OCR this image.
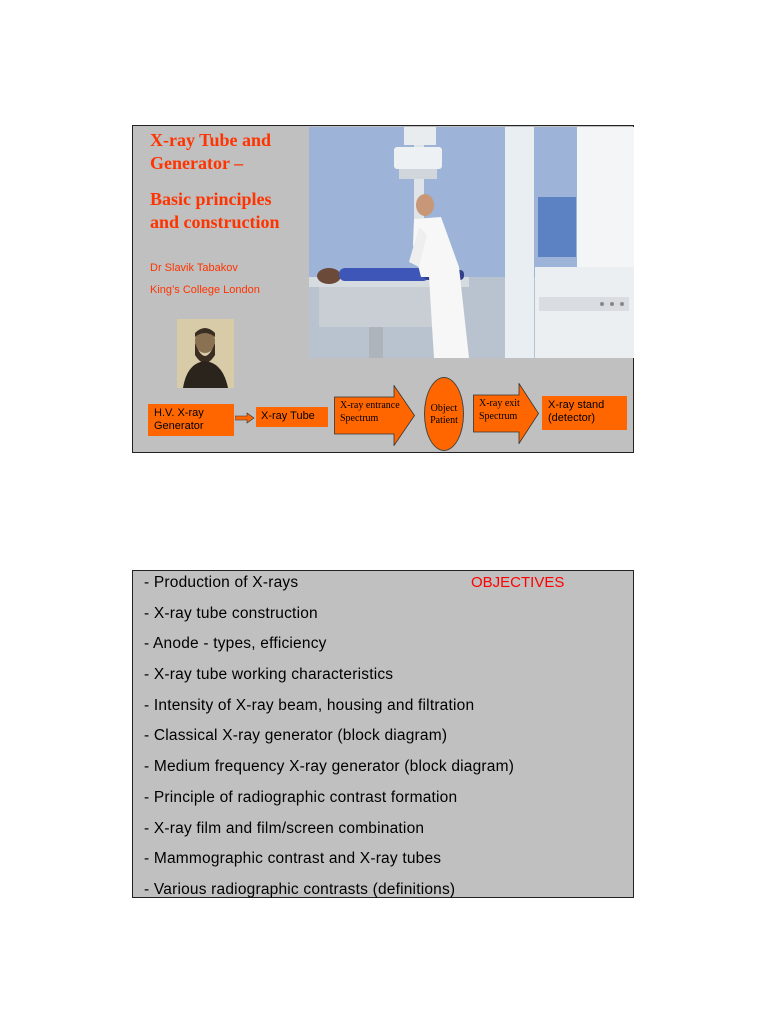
X-ray Tube and
Generator –
Basic principles
and construction
Dr Slavik Tabakov
King’s College London
H.V. X-ray
Generator
X-ray Tube
X-ray entrance
Spectrum
Object
Patient
X-ray exit
Spectrum
X-ray stand
(detector)
OBJECTIVES
- Production of X-rays
- X-ray tube construction
- Anode - types, efficiency
- X-ray tube working characteristics
- Intensity of X-ray beam, housing and filtration
- Classical X-ray generator (block diagram)
- Medium frequency X-ray generator (block diagram)
- Principle of radiographic contrast formation
- X-ray film and film/screen combination
- Mammographic contrast and X-ray tubes
- Various radiographic contrasts (definitions)
